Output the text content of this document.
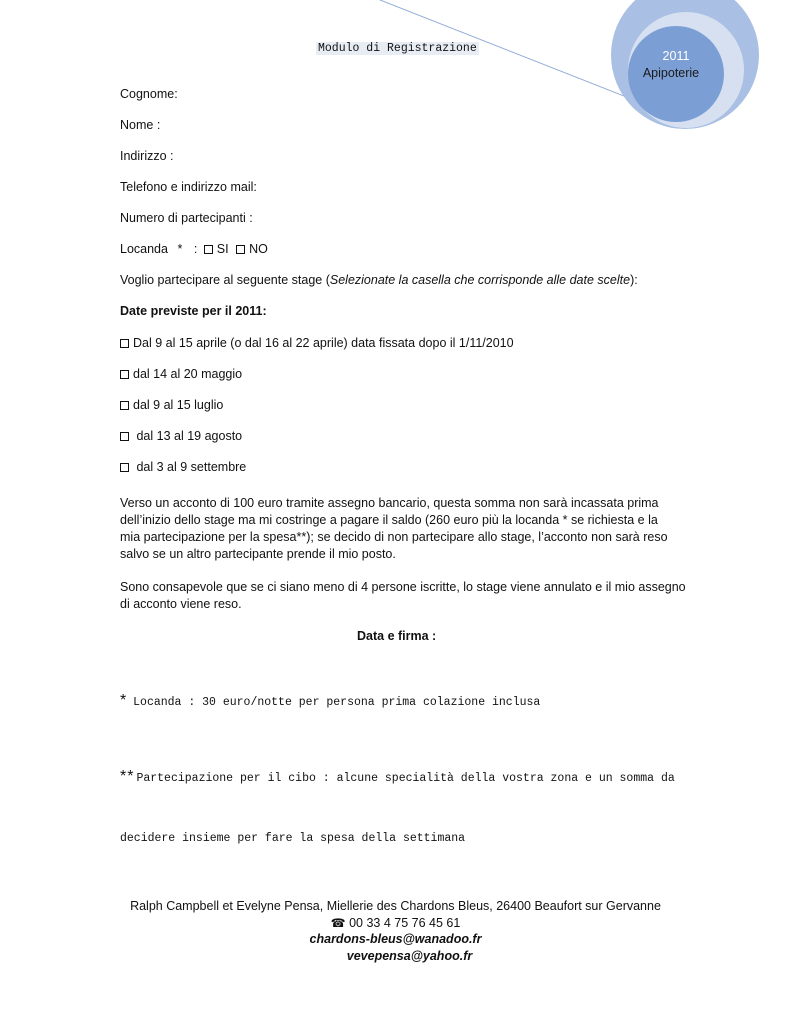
2011
Apipoterie
Modulo di Registrazione
Cognome:
Nome :
Indirizzo :
Telefono e indirizzo mail:
Numero di partecipanti :
Locanda * : SI NO
Voglio partecipare al seguente stage (Selezionate la casella che corrisponde alle date scelte):
Date previste per il 2011:
Dal 9 al 15 aprile (o dal 16 al 22 aprile) data fissata dopo il 1/11/2010
dal 14 al 20 maggio
dal 9 al 15 luglio
dal 13 al 19 agosto
dal 3 al 9 settembre
Verso un acconto di 100 euro tramite assegno bancario, questa somma non sarà incassata prima
dell’inizio dello stage ma mi costringe a pagare il saldo (260 euro più la locanda * se richiesta e la
mia partecipazione per la spesa**); se decido di non partecipare allo stage, l’acconto non sarà reso
salvo se un altro partecipante prende il mio posto.
Sono consapevole que se ci siano meno di 4 persone iscritte, lo stage viene annulato e il mio assegno
di acconto viene reso.
Data e firma :
* Locanda : 30 euro/notte per persona prima colazione inclusa

** Partecipazione per il cibo : alcune specialità della vostra zona e un somma da

decidere insieme per fare la spesa della settimana

Ralph Campbell et Evelyne Pensa, Miellerie des Chardons Bleus, 26400 Beaufort sur Gervanne
☎ 00 33 4 75 76 45 61
chardons-bleus@wanadoo.fr
vevepensa@yahoo.fr
